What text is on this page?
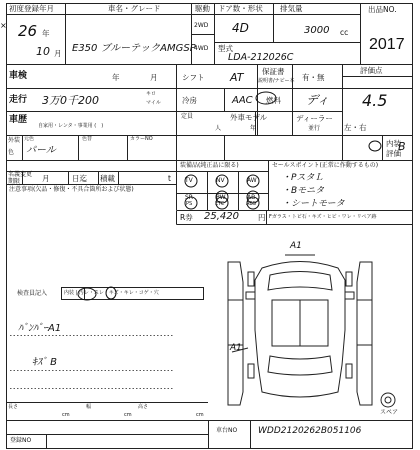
×
初度登録年月	車名・グレード	駆動 ドア数・形状 排気量	出品NO.
26 年
10 月 E350 ブルーテックAMGSP
2WD
4WD
4D	3000 cc
型式
LDA-212026C
2017
車検	年	月	シフト AT 保証書
説明書/ナビー本 有・無
評価点
4.5
走行 3万0千200	キロ
マイル	冷房	AAC 燃料 ディ
車歴
自家用・レンタ・事業用 (　)
定員
人
外車モデル
年
ディーラー
並行	左・右
内装
評価
B
外装
色
元色	色替	カラーNO
パール
装備品(純正品に限る)	セールスポイント(正常に作動するもの)
・PスタＬ
・Bモニタ
・シートモータ
名義変更
期限	月	日迄 積載	t TV	NV	AW
SR	PW	AB
PS	ETC	ABS
注意事項(欠品・修復・不具合箇所および状態)
R券 25,420	円 Fガラス・トビ石・キズ・ヒビ・ワレ・リペア跡
検査員記入	内装 | 汚レ・スレ・キズ・キレ・コゲ・穴
ﾊﾞﾝﾊﾟｰA1
ｷｽﾞ B
A1
A1
スペア
長さ
cm
幅
cm
高さ
cm
登録NO
車台NO WDD2120262B051106
